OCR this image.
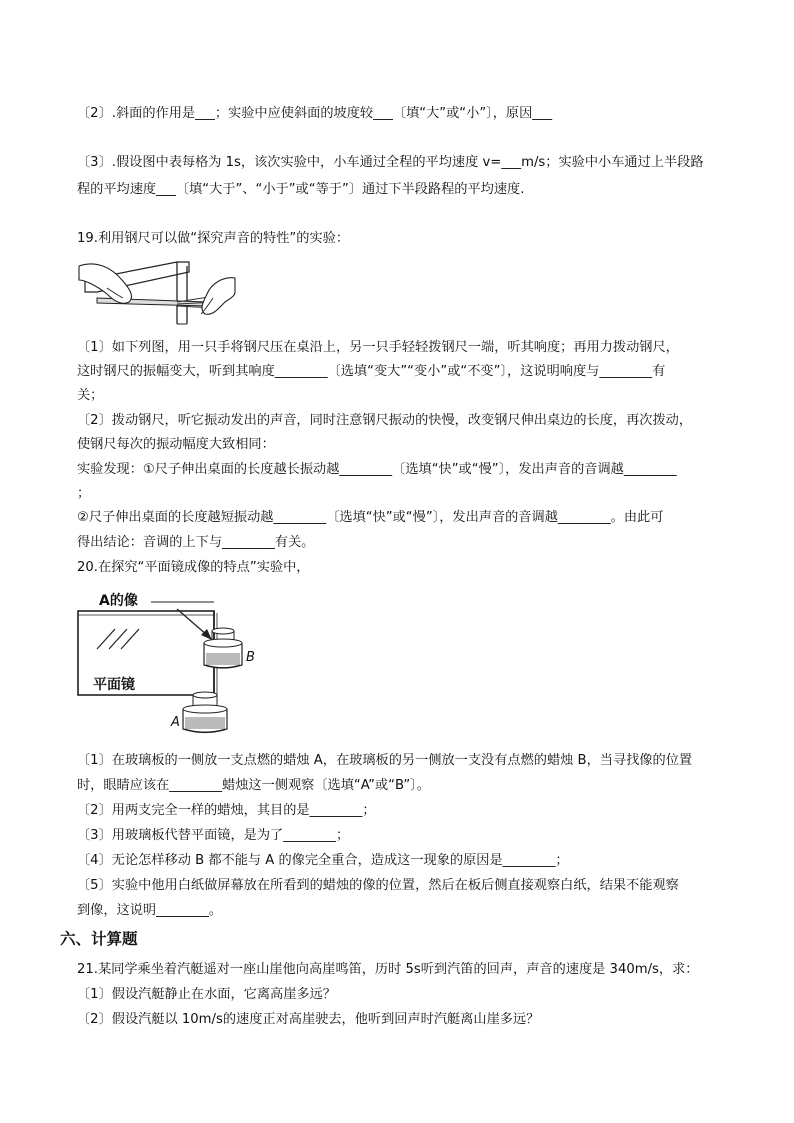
〔2〕.斜面的作用是___；实验中应使斜面的坡度较___〔填“大”或“小”〕，原因___
〔3〕.假设图中表每格为 1s，该次实验中，小车通过全程的平均速度 v=___m/s；实验中小车通过上半段路
程的平均速度___〔填“大于”、“小于”或“等于”〕通过下半段路程的平均速度.
19.利用钢尺可以做“探究声音的特性”的实验：
〔1〕如下列图，用一只手将钢尺压在桌沿上，另一只手轻轻拨钢尺一端，听其响度；再用力拨动钢尺，
这时钢尺的振幅变大，听到其响度________〔选填“变大”“变小”或“不变”〕，这说明响度与________有
关；
〔2〕拨动钢尺，听它振动发出的声音，同时注意钢尺振动的快慢，改变钢尺伸出桌边的长度，再次拨动，
使钢尺每次的振动幅度大致相同：
实验发现：①尺子伸出桌面的长度越长振动越________〔选填“快”或“慢”〕，发出声音的音调越________
；
②尺子伸出桌面的长度越短振动越________〔选填“快”或“慢”〕，发出声音的音调越________。由此可
得出结论：音调的上下与________有关。
20.在探究“平面镜成像的特点”实验中，
A的像
平面镜
B
A
〔1〕在玻璃板的一侧放一支点燃的蜡烛 A，在玻璃板的另一侧放一支没有点燃的蜡烛 B，当寻找像的位置
时，眼睛应该在________蜡烛这一侧观察〔选填“A”或“B”〕。
〔2〕用两支完全一样的蜡烛，其目的是________；
〔3〕用玻璃板代替平面镜，是为了________；
〔4〕无论怎样移动 B 都不能与 A 的像完全重合，造成这一现象的原因是________；
〔5〕实验中他用白纸做屏幕放在所看到的蜡烛的像的位置，然后在板后侧直接观察白纸，结果不能观察
到像，这说明________。
六、计算题
21.某同学乘坐着汽艇遥对一座山崖他向高崖鸣笛，历时 5s听到汽笛的回声，声音的速度是 340m/s，求：
〔1〕假设汽艇静止在水面，它离高崖多远？
〔2〕假设汽艇以 10m/s的速度正对高崖驶去，他听到回声时汽艇离山崖多远？
